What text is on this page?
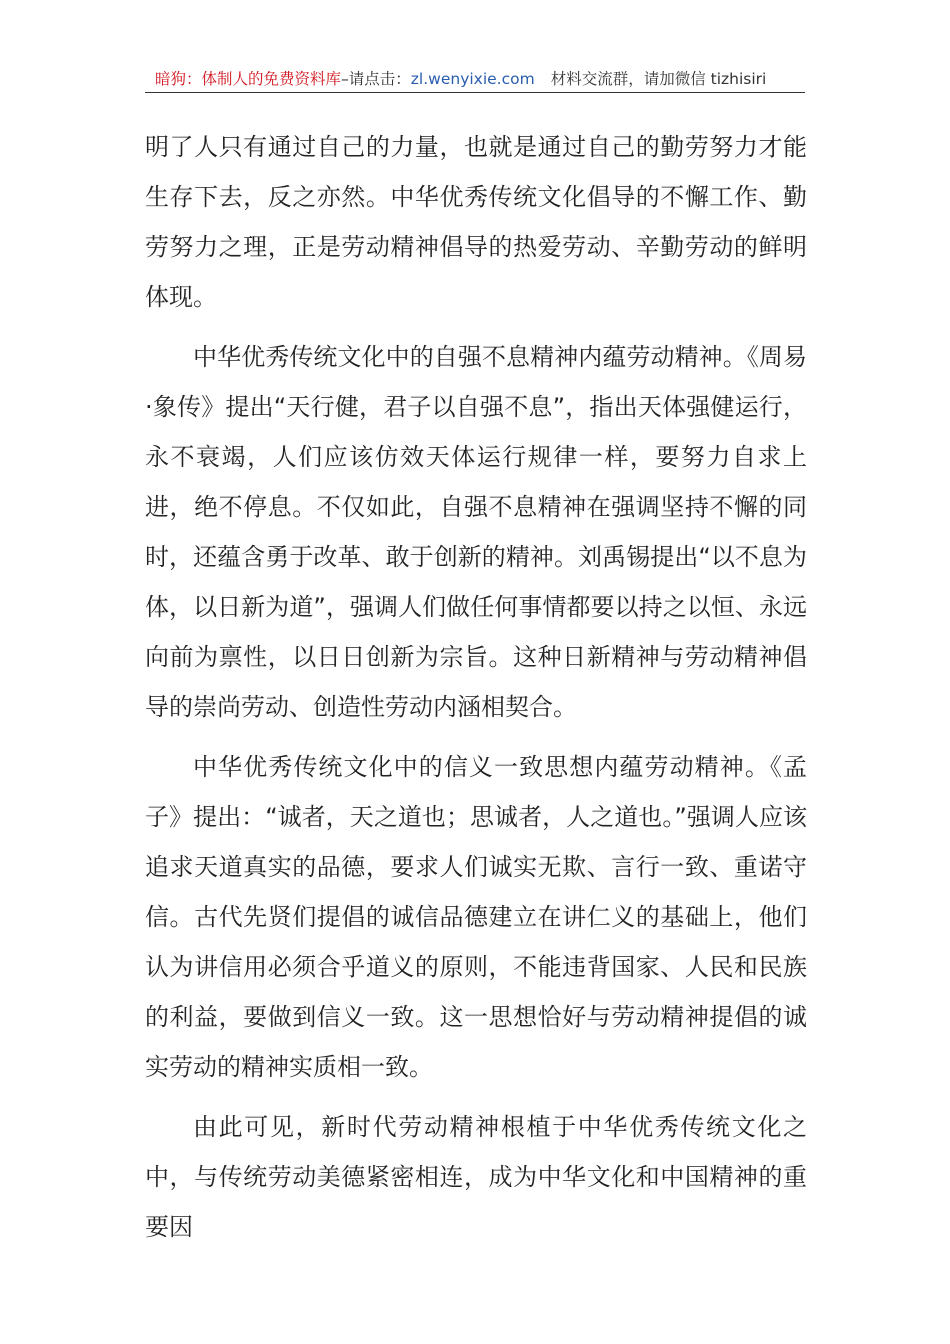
暗狗：体制人的免费资料库–请点击：zl.wenyixie.com 材料交流群，请加微信 tizhisiri

明了人只有通过自己的力量，也就是通过自己的勤劳努力才能生存下去，反之亦然。中华优秀传统文化倡导的不懈工作、勤劳努力之理，正是劳动精神倡导的热爱劳动、辛勤劳动的鲜明体现。

中华优秀传统文化中的自强不息精神内蕴劳动精神。《周易·象传》提出“天行健，君子以自强不息”，指出天体强健运行，永不衰竭，人们应该仿效天体运行规律一样，要努力自求上进，绝不停息。不仅如此，自强不息精神在强调坚持不懈的同时，还蕴含勇于改革、敢于创新的精神。刘禹锡提出“以不息为体，以日新为道”，强调人们做任何事情都要以持之以恒、永远向前为禀性，以日日创新为宗旨。这种日新精神与劳动精神倡导的崇尚劳动、创造性劳动内涵相契合。

中华优秀传统文化中的信义一致思想内蕴劳动精神。《孟子》提出：“诚者，天之道也；思诚者，人之道也。”强调人应该追求天道真实的品德，要求人们诚实无欺、言行一致、重诺守信。古代先贤们提倡的诚信品德建立在讲仁义的基础上，他们认为讲信用必须合乎道义的原则，不能违背国家、人民和民族的利益，要做到信义一致。这一思想恰好与劳动精神提倡的诚实劳动的精神实质相一致。

由此可见，新时代劳动精神根植于中华优秀传统文化之中，与传统劳动美德紧密相连，成为中华文化和中国精神的重要因
